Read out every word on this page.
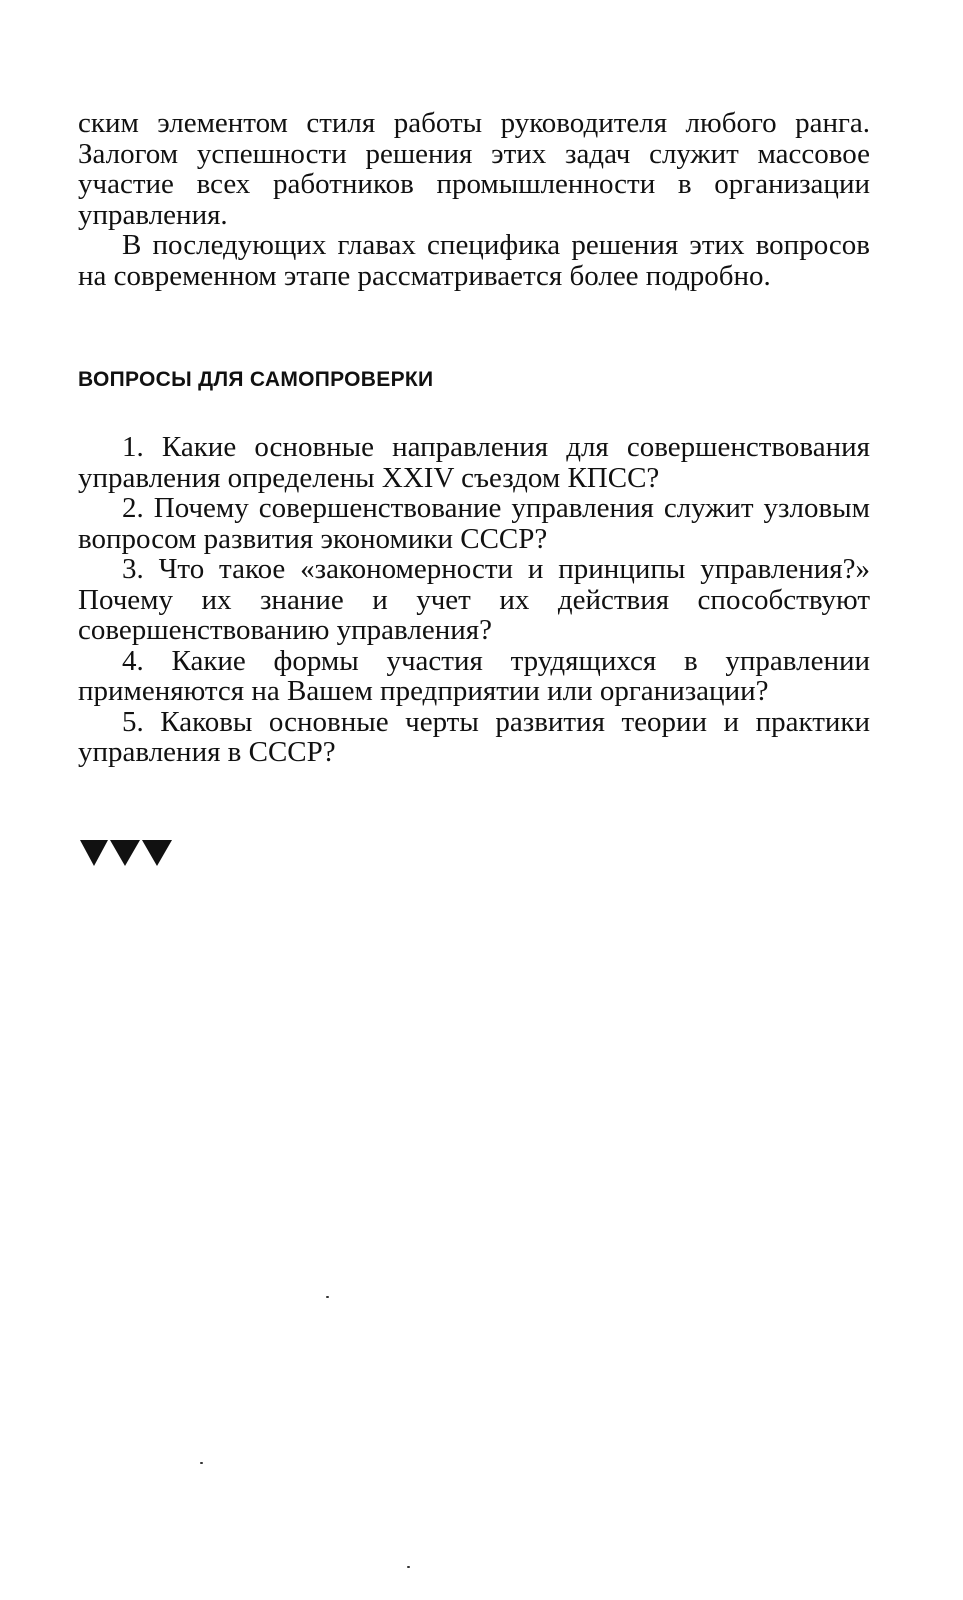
ским элементом стиля работы руководителя любого ранга. Залогом успешности решения этих задач служит массовое участие всех работников промышленности в организации управления.

В последующих главах специфика решения этих вопросов на современном этапе рассматривается более подробно.

ВОПРОСЫ ДЛЯ САМОПРОВЕРКИ

1. Какие основные направления для совершенствования управления определены XXIV съездом КПСС?

2. Почему совершенствование управления служит узловым вопросом развития экономики СССР?

3. Что такое «закономерности и принципы управления?» Почему их знание и учет их действия способствуют совершенствованию управления?

4. Какие формы участия трудящихся в управлении применяются на Вашем предприятии или организации?

5. Каковы основные черты развития теории и практики управления в СССР?
